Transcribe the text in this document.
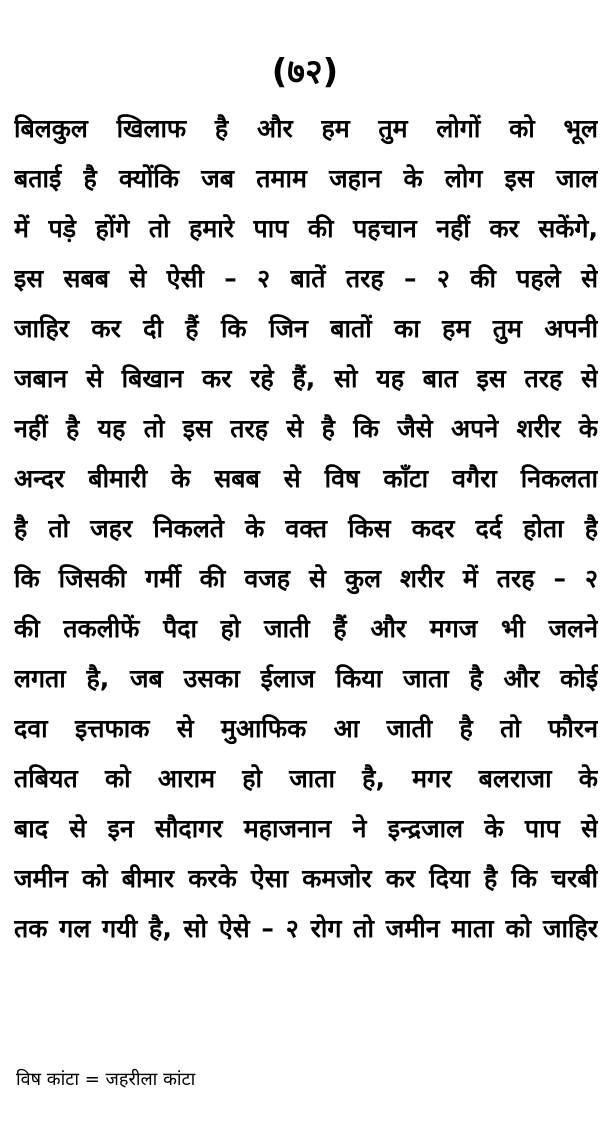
(७२)
बिलकुल खिलाफ है और हम तुम लोगों को भूल
बताई है क्योंकि जब तमाम जहान के लोग इस जाल
में पड़े होंगे तो हमारे पाप की पहचान नहीं कर सकेंगे,
इस सबब से ऐसी – २ बातें तरह – २ की पहले से
जाहिर कर दी हैं कि जिन बातों का हम तुम अपनी
जबान से बिखान कर रहे हैं, सो यह बात इस तरह से
नहीं है यह तो इस तरह से है कि जैसे अपने शरीर के
अन्दर बीमारी के सबब से विष काँटा वगैरा निकलता
है तो जहर निकलते के वक्त किस कदर दर्द होता है
कि जिसकी गर्मी की वजह से कुल शरीर में तरह – २
की तकलीफें पैदा हो जाती हैं और मगज भी जलने
लगता है, जब उसका ईलाज किया जाता है और कोई
दवा इत्तफाक से मुआफिक आ जाती है तो फौरन
तबियत को आराम हो जाता है, मगर बलराजा के
बाद से इन सौदागर महाजनान ने इन्द्रजाल के पाप से
जमीन को बीमार करके ऐसा कमजोर कर दिया है कि चरबी
तक गल गयी है, सो ऐसे – २ रोग तो जमीन माता को जाहिर
विष कांटा = जहरीला कांटा
